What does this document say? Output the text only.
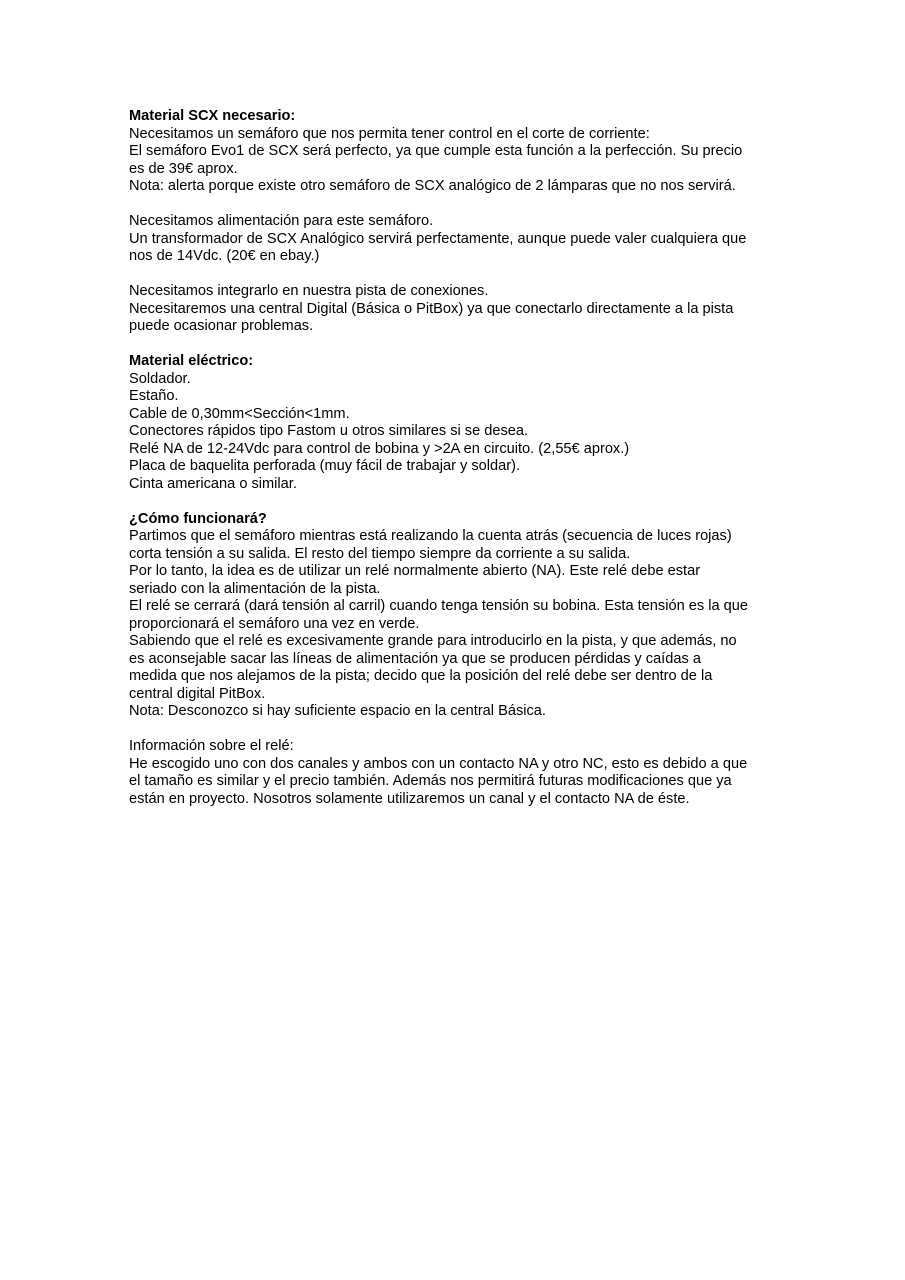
Material SCX necesario:
Necesitamos un semáforo que nos permita tener control en el corte de corriente:
El semáforo Evo1 de SCX será perfecto, ya que cumple esta función a la perfección. Su precio
es de 39€ aprox.
Nota: alerta porque existe otro semáforo de SCX analógico de 2 lámparas que no nos servirá.
Necesitamos alimentación para este semáforo.
Un transformador de SCX Analógico servirá perfectamente, aunque puede valer cualquiera que
nos de 14Vdc. (20€ en ebay.)
Necesitamos integrarlo en nuestra pista de conexiones.
Necesitaremos una central Digital (Básica o PitBox) ya que conectarlo directamente a la pista
puede ocasionar problemas.
Material eléctrico:
Soldador.
Estaño.
Cable de 0,30mm<Sección<1mm.
Conectores rápidos tipo Fastom u otros similares si se desea.
Relé NA de 12-24Vdc para control de bobina y >2A en circuito. (2,55€ aprox.)
Placa de baquelita perforada (muy fácil de trabajar y soldar).
Cinta americana o similar.
¿Cómo funcionará?
Partimos que el semáforo mientras está realizando la cuenta atrás (secuencia de luces rojas)
corta tensión a su salida. El resto del tiempo siempre da corriente a su salida.
Por lo tanto, la idea es de utilizar un relé normalmente abierto (NA). Este relé debe estar
seriado con la alimentación de la pista.
El relé se cerrará (dará tensión al carril) cuando tenga tensión su bobina. Esta tensión es la que
proporcionará el semáforo una vez en verde.
Sabiendo que el relé es excesivamente grande para introducirlo en la pista, y que además, no
es aconsejable sacar las líneas de alimentación ya que se producen pérdidas y caídas a
medida que nos alejamos de la pista; decido que la posición del relé debe ser dentro de la
central digital PitBox.
Nota: Desconozco si hay suficiente espacio en la central Básica.
Información sobre el relé:
He escogido uno con dos canales y ambos con un contacto NA y otro NC, esto es debido a que
el tamaño es similar y el precio también. Además nos permitirá futuras modificaciones que ya
están en proyecto. Nosotros solamente utilizaremos un canal y el contacto NA de éste.
